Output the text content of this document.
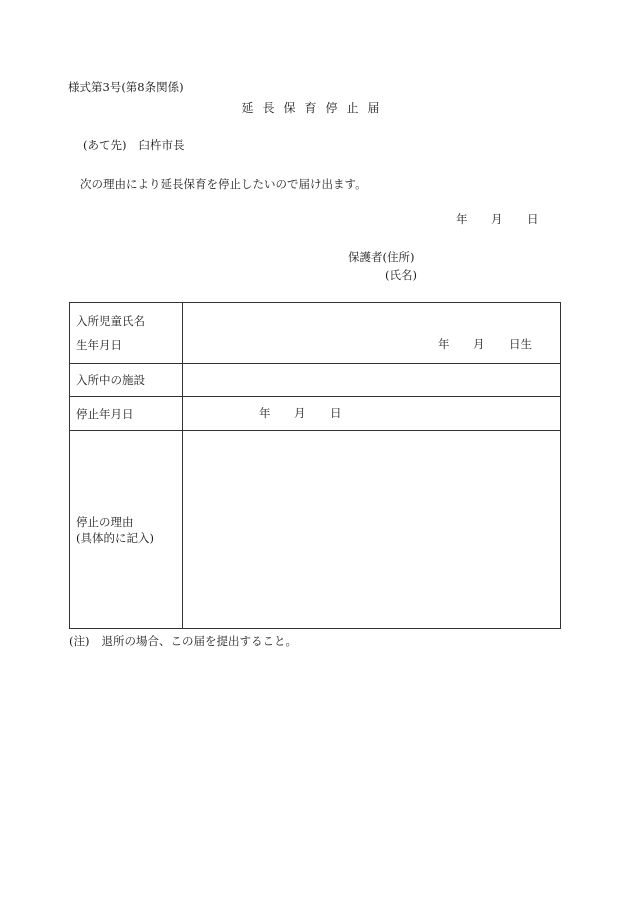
様式第3号(第8条関係)
延長保育停止届
(あて先) 臼杵市長
次の理由により延長保育を停止したいので届け出ます。
年 月 日
保護者(住所)
(氏名)
入所児童氏名
生年月日	年 月 日生

入所中の施設	
停止年月日	年 月 日

停止の理由
(具体的に記入)	

(注) 退所の場合、この届を提出すること。
